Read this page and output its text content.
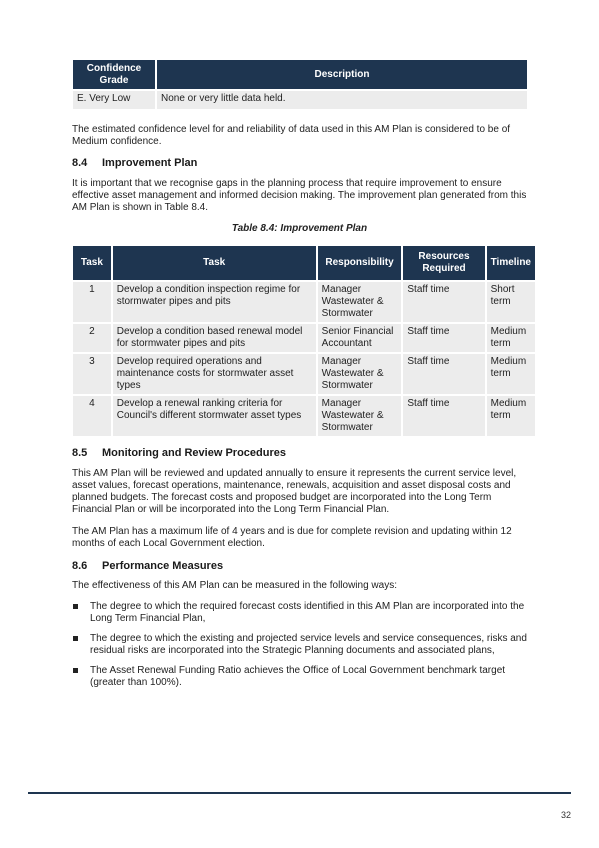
Confidence Grade	Description
E. Very Low	None or very little data held.

The estimated confidence level for and reliability of data used in this AM Plan is considered to be of Medium confidence.

8.4 Improvement Plan

It is important that we recognise gaps in the planning process that require improvement to ensure effective asset management and informed decision making. The improvement plan generated from this AM Plan is shown in Table 8.4.

Table 8.4: Improvement Plan
Task	Task	Responsibility	Resources Required	Timeline
1	Develop a condition inspection regime for stormwater pipes and pits	Manager Wastewater & Stormwater	Staff time	Short term
2	Develop a condition based renewal model for stormwater pipes and pits	Senior Financial Accountant	Staff time	Medium term
3	Develop required operations and maintenance costs for stormwater asset types	Manager Wastewater & Stormwater	Staff time	Medium term
4	Develop a renewal ranking criteria for Council's different stormwater asset types	Manager Wastewater & Stormwater	Staff time	Medium term
8.5 Monitoring and Review Procedures

This AM Plan will be reviewed and updated annually to ensure it represents the current service level, asset values, forecast operations, maintenance, renewals, acquisition and asset disposal costs and planned budgets. The forecast costs and proposed budget are incorporated into the Long Term Financial Plan or will be incorporated into the Long Term Financial Plan.

The AM Plan has a maximum life of 4 years and is due for complete revision and updating within 12 months of each Local Government election.

8.6 Performance Measures

The effectiveness of this AM Plan can be measured in the following ways:

The degree to which the required forecast costs identified in this AM Plan are incorporated into the Long Term Financial Plan,
The degree to which the existing and projected service levels and service consequences, risks and residual risks are incorporated into the Strategic Planning documents and associated plans,
The Asset Renewal Funding Ratio achieves the Office of Local Government benchmark target (greater than 100%).
32
